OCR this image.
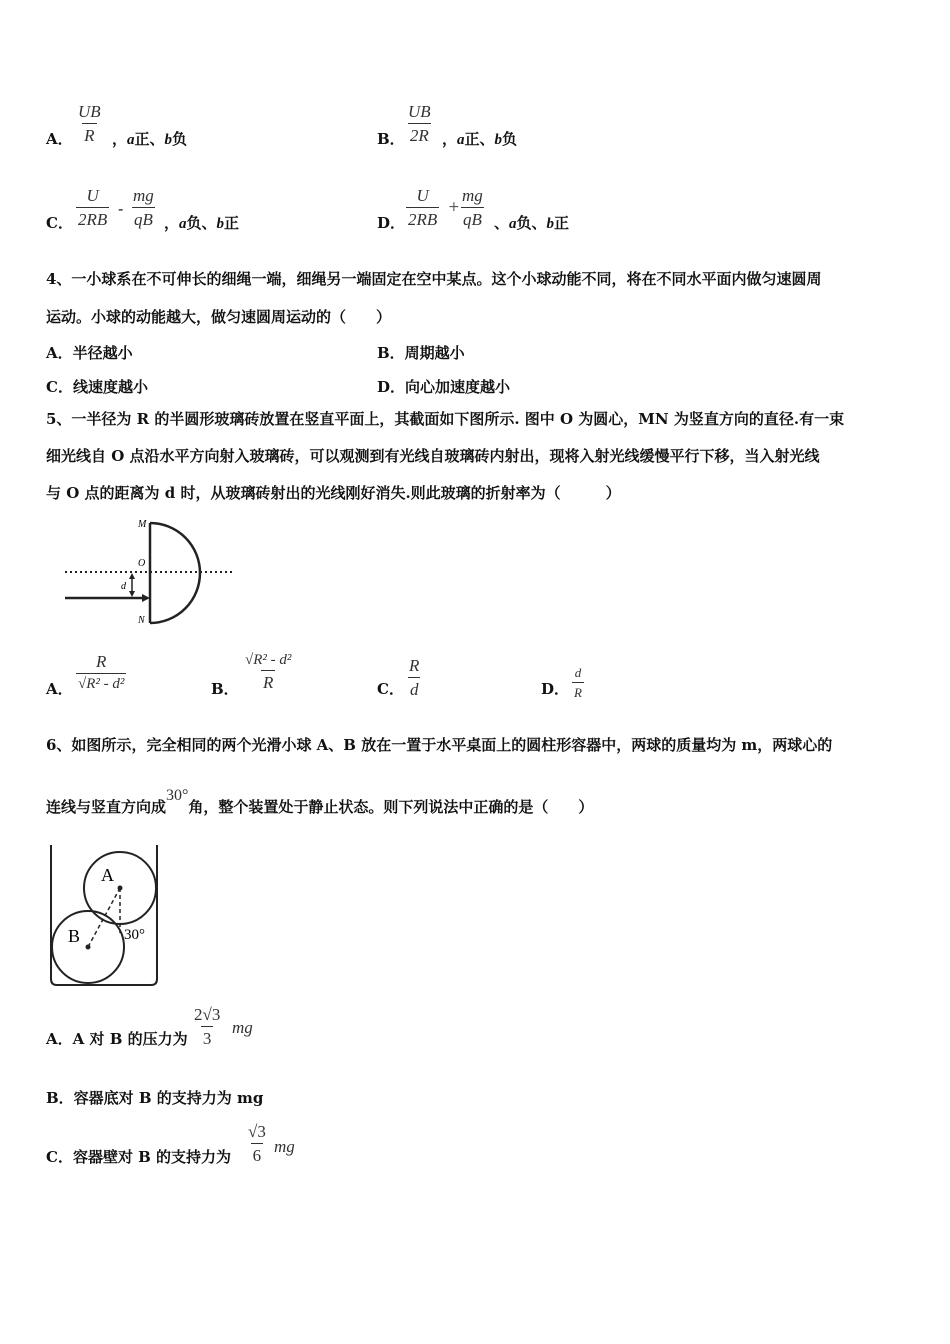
A． $\frac{UB}{R}$ ，a正、b负	B． $\frac{UB}{2R}$ ，a正、b负
C． $\frac{U}{2RB} - \frac{mg}{qB}$ ，a负、b正	D． $\frac{U}{2RB} + \frac{mg}{qB}$ 、a负、b正
4、一小球系在不可伸长的细绳一端，细绳另一端固定在空中某点。这个小球动能不同，将在不同水平面内做匀速圆周
运动。小球的动能越大，做匀速圆周运动的（　　）
A．半径越小	B．周期越小
C．线速度越小	D．向心加速度越小
5、一半径为 R 的半圆形玻璃砖放置在竖直平面上，其截面如下图所示. 图中 O 为圆心，MN 为竖直方向的直径.有一束
细光线自 O 点沿水平方向射入玻璃砖，可以观测到有光线自玻璃砖内射出，现将入射光线缓慢平行下移，当入射光线
与 O 点的距离为 d 时，从玻璃砖射出的光线刚好消失.则此玻璃的折射率为（　　　）
M
O
d
N
A． $\frac{R}{\text{√R² - d²}}$	B． $\frac{\text{√R² - d²}}{R}$	C． $\frac{R}{d}$	D． $\frac{d}{R}$
6、如图所示，完全相同的两个光滑小球 A、B 放在一置于水平桌面上的圆柱形容器中，两球的质量均为 m，两球心的
连线与竖直方向成30°角，整个装置处于静止状态。则下列说法中正确的是（　　）
A
B	30°
A．A 对 B 的压力为 $\frac{2√3}{3}$ mg
B．容器底对 B 的支持力为 mg
C．容器壁对 B 的支持力为 $\frac{√3}{6}$ mg
